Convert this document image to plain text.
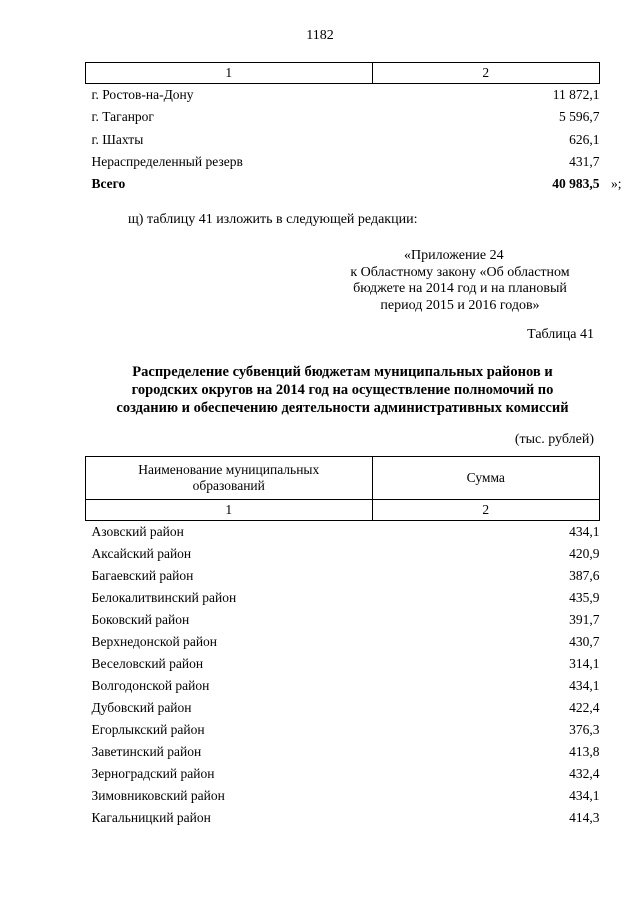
1182
1	2
г. Ростов-на-Дону	11 872,1
г. Таганрог	5 596,7
г. Шахты	626,1
Нераспределенный резерв	431,7
Всего	40 983,5 »;
щ) таблицу 41 изложить в следующей редакции:
«Приложение 24
к Областному закону «Об областном
бюджете на 2014 год и на плановый
период 2015 и 2016 годов»
Таблица 41
Распределение субвенций бюджетам муниципальных районов и
городских округов на 2014 год на осуществление полномочий по
созданию и обеспечению деятельности административных комиссий
(тыс. рублей)
Наименование муниципальных
образований	Сумма
1	2
Азовский район	434,1
Аксайский район	420,9
Багаевский район	387,6
Белокалитвинский район	435,9
Боковский район	391,7
Верхнедонской район	430,7
Веселовский район	314,1
Волгодонской район	434,1
Дубовский район	422,4
Егорлыкский район	376,3
Заветинский район	413,8
Зерноградский район	432,4
Зимовниковский район	434,1
Кагальницкий район	414,3
